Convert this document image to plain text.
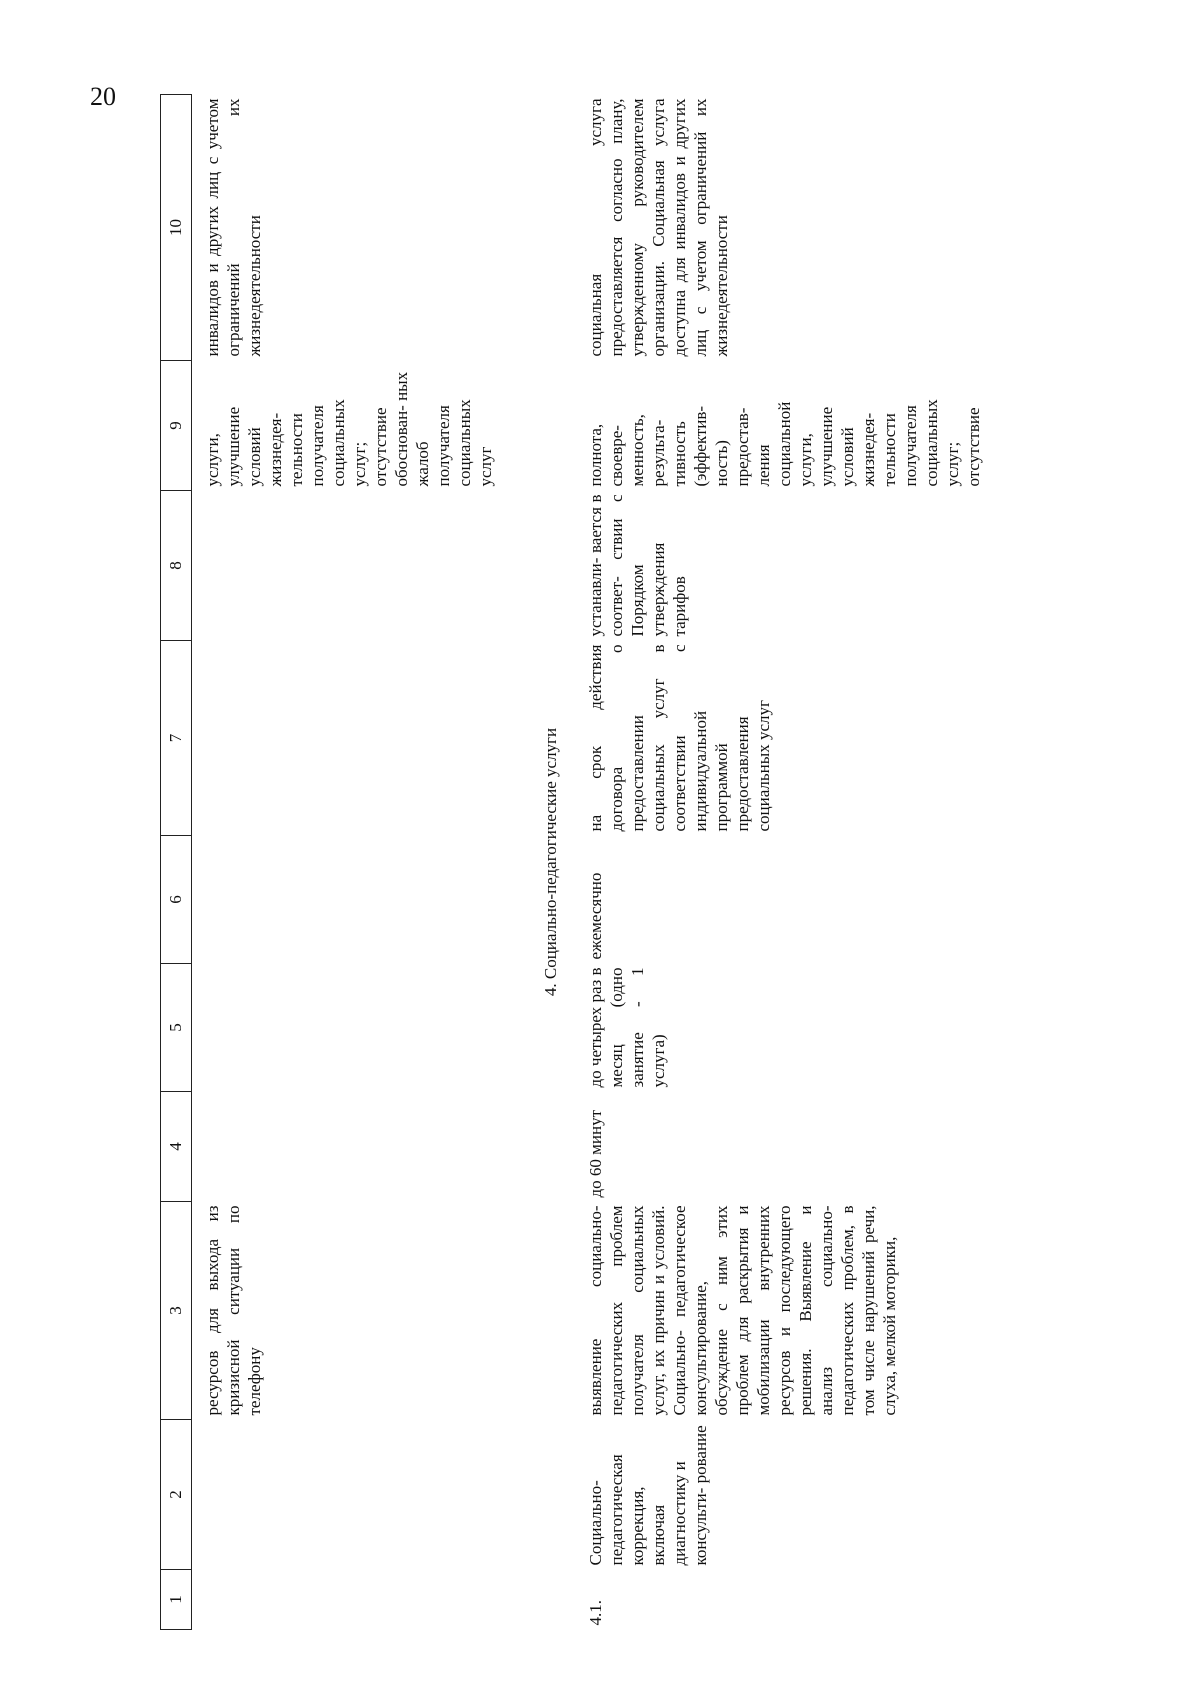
20
1	2	3	4	5	6	7	8	9	10
		ресурсов для выхода из кризисной ситуации по телефону						услуги, улучшение условий жизнедея- тельности получателя социальных услуг; отсутствие обоснован- ных жалоб получателя социальных услуг	инвалидов и других лиц с учетом ограничений их жизнедеятельности
4. Социально-педагогические услуги									
4.1.	Социально- педагогическая коррекция, включая диагностику и консульти- рование	выявление социально- педагогических проблем получателя социальных услуг, их причин и условий. Социально- педагогическое консультирование, обсуждение с ним этих проблем для раскрытия и мобилизации внутренних ресурсов и последующего решения. Выявление и анализ социально- педагогических проблем, в том числе нарушений речи, слуха, мелкой моторики,	до 60 минут	до четырех раз в месяц (одно занятие - 1 услуга)	ежемесячно	на срок действия договора о предоставлении социальных услуг в соответствии с индивидуальной программой предоставления социальных услуг	устанавли- вается в соответ- ствии с Порядком утверждения тарифов	полнота, своевре- менность, результа- тивность (эффектив- ность) предостав- ления социальной услуги, улучшение условий жизнедея- тельности получателя социальных услуг; отсутствие	социальная услуга предоставляется согласно плану, утвержденному руководителем организации. Социальная услуга доступна для инвалидов и других лиц с учетом ограничений их жизнедеятельности
